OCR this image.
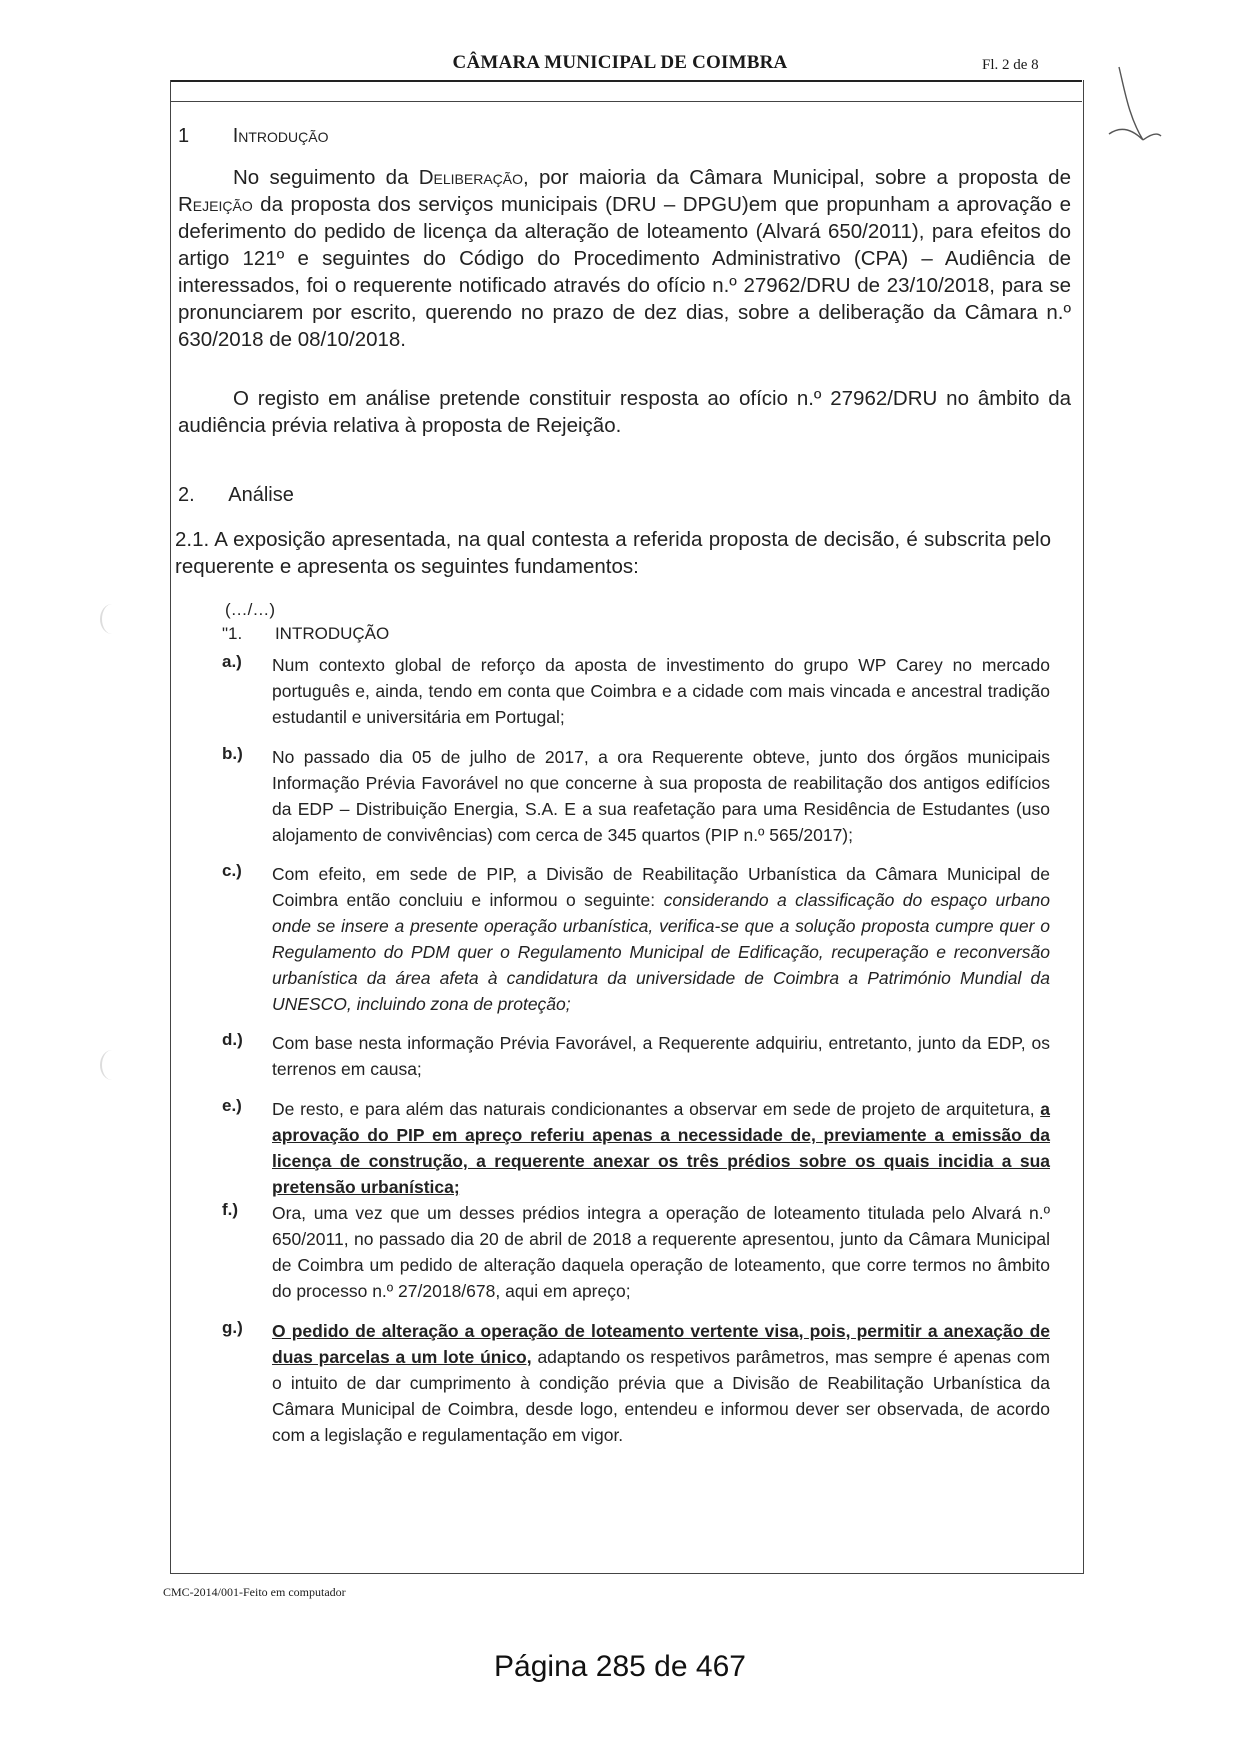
CÂMARA MUNICIPAL DE COIMBRA	Fl. 2 de 8
1 Introdução
No seguimento da Deliberação, por maioria da Câmara Municipal, sobre a proposta de Rejeição da proposta dos serviços municipais (DRU – DPGU)em que propunham a aprovação e deferimento do pedido de licença da alteração de loteamento (Alvará 650/2011), para efeitos do artigo 121º e seguintes do Código do Procedimento Administrativo (CPA) – Audiência de interessados, foi o requerente notificado através do ofício n.º 27962/DRU de 23/10/2018, para se pronunciarem por escrito, querendo no prazo de dez dias, sobre a deliberação da Câmara n.º 630/2018 de 08/10/2018.
O registo em análise pretende constituir resposta ao ofício n.º 27962/DRU no âmbito da audiência prévia relativa à proposta de Rejeição.
2. Análise
2.1. A exposição apresentada, na qual contesta a referida proposta de decisão, é subscrita pelo requerente e apresenta os seguintes fundamentos:
(…/…)
"1. INTRODUÇÃO
a.) Num contexto global de reforço da aposta de investimento do grupo WP Carey no mercado português e, ainda, tendo em conta que Coimbra e a cidade com mais vincada e ancestral tradição estudantil e universitária em Portugal;
b.) No passado dia 05 de julho de 2017, a ora Requerente obteve, junto dos órgãos municipais Informação Prévia Favorável no que concerne à sua proposta de reabilitação dos antigos edifícios da EDP – Distribuição Energia, S.A. E a sua reafetação para uma Residência de Estudantes (uso alojamento de convivências) com cerca de 345 quartos (PIP n.º 565/2017);
c.) Com efeito, em sede de PIP, a Divisão de Reabilitação Urbanística da Câmara Municipal de Coimbra então concluiu e informou o seguinte: considerando a classificação do espaço urbano onde se insere a presente operação urbanística, verifica-se que a solução proposta cumpre quer o Regulamento do PDM quer o Regulamento Municipal de Edificação, recuperação e reconversão urbanística da área afeta à candidatura da universidade de Coimbra a Património Mundial da UNESCO, incluindo zona de proteção;
d.) Com base nesta informação Prévia Favorável, a Requerente adquiriu, entretanto, junto da EDP, os terrenos em causa;
e.) De resto, e para além das naturais condicionantes a observar em sede de projeto de arquitetura, a aprovação do PIP em apreço referiu apenas a necessidade de, previamente a emissão da licença de construção, a requerente anexar os três prédios sobre os quais incidia a sua pretensão urbanística;
f.) Ora, uma vez que um desses prédios integra a operação de loteamento titulada pelo Alvará n.º 650/2011, no passado dia 20 de abril de 2018 a requerente apresentou, junto da Câmara Municipal de Coimbra um pedido de alteração daquela operação de loteamento, que corre termos no âmbito do processo n.º 27/2018/678, aqui em apreço;
g.) O pedido de alteração a operação de loteamento vertente visa, pois, permitir a anexação de duas parcelas a um lote único, adaptando os respetivos parâmetros, mas sempre é apenas com o intuito de dar cumprimento à condição prévia que a Divisão de Reabilitação Urbanística da Câmara Municipal de Coimbra, desde logo, entendeu e informou dever ser observada, de acordo com a legislação e regulamentação em vigor.
CMC-2014/001-Feito em computador
Página 285 de 467
